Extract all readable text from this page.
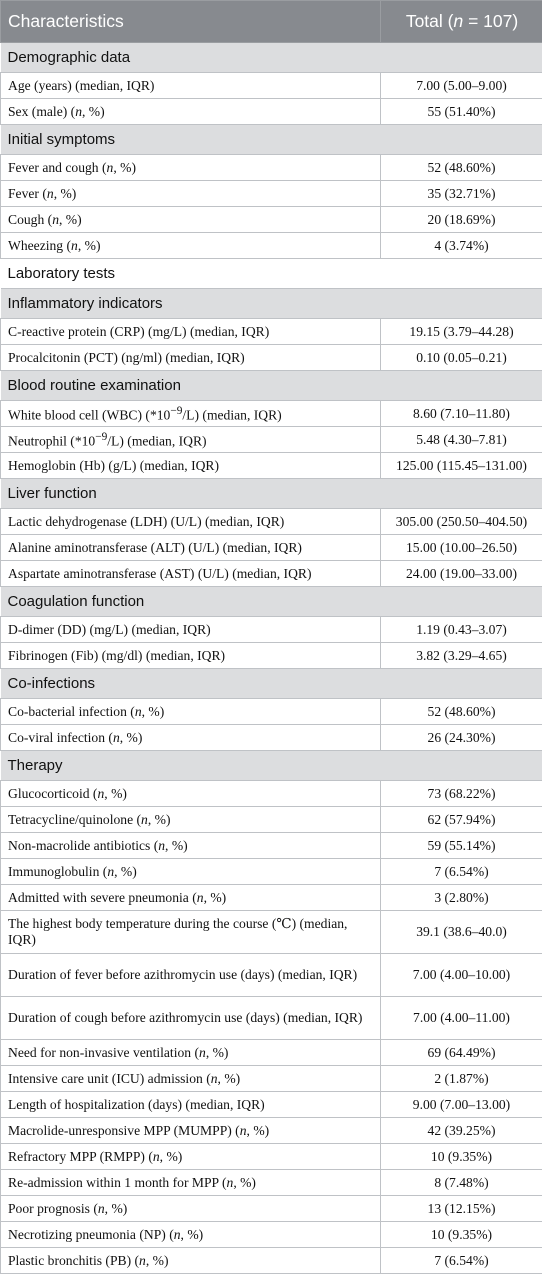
Characteristics	Total (n = 107)
Demographic data	
Age (years) (median, IQR)	7.00 (5.00–9.00)
Sex (male) (n, %)	55 (51.40%)
Initial symptoms	
Fever and cough (n, %)	52 (48.60%)
Fever (n, %)	35 (32.71%)
Cough (n, %)	20 (18.69%)
Wheezing (n, %)	4 (3.74%)
Laboratory tests	
Inflammatory indicators	
C-reactive protein (CRP) (mg/L) (median, IQR)	19.15 (3.79–44.28)
Procalcitonin (PCT) (ng/ml) (median, IQR)	0.10 (0.05–0.21)
Blood routine examination	
White blood cell (WBC) $(*10^{-9}/L)$ (median, IQR)	8.60 (7.10–11.80)
Neutrophil $(*10^{-9}/L)$ (median, IQR)	5.48 (4.30–7.81)
Hemoglobin (Hb) (g/L) (median, IQR)	125.00 (115.45–131.00)
Liver function	
Lactic dehydrogenase (LDH) (U/L) (median, IQR)	305.00 (250.50–404.50)
Alanine aminotransferase (ALT) (U/L) (median, IQR)	15.00 (10.00–26.50)
Aspartate aminotransferase (AST) (U/L) (median, IQR)	24.00 (19.00–33.00)
Coagulation function	
D-dimer (DD) (mg/L) (median, IQR)	1.19 (0.43–3.07)
Fibrinogen (Fib) (mg/dl) (median, IQR)	3.82 (3.29–4.65)
Co-infections	
Co-bacterial infection (n, %)	52 (48.60%)
Co-viral infection (n, %)	26 (24.30%)
Therapy	
Glucocorticoid (n, %)	73 (68.22%)
Tetracycline/quinolone (n, %)	62 (57.94%)
Non-macrolide antibiotics (n, %)	59 (55.14%)
Immunoglobulin (n, %)	7 (6.54%)
Admitted with severe pneumonia (n, %)	3 (2.80%)
The highest body temperature during the course (℃) (median, IQR)	39.1 (38.6–40.0)
Duration of fever before azithromycin use (days) (median, IQR)	7.00 (4.00–10.00)
Duration of cough before azithromycin use (days) (median, IQR)	7.00 (4.00–11.00)
Need for non-invasive ventilation (n, %)	69 (64.49%)
Intensive care unit (ICU) admission (n, %)	2 (1.87%)
Length of hospitalization (days) (median, IQR)	9.00 (7.00–13.00)
Macrolide-unresponsive MPP (MUMPP) (n, %)	42 (39.25%)
Refractory MPP (RMPP) (n, %)	10 (9.35%)
Re-admission within 1 month for MPP (n, %)	8 (7.48%)
Poor prognosis (n, %)	13 (12.15%)
Necrotizing pneumonia (NP) (n, %)	10 (9.35%)
Plastic bronchitis (PB) (n, %)	7 (6.54%)
